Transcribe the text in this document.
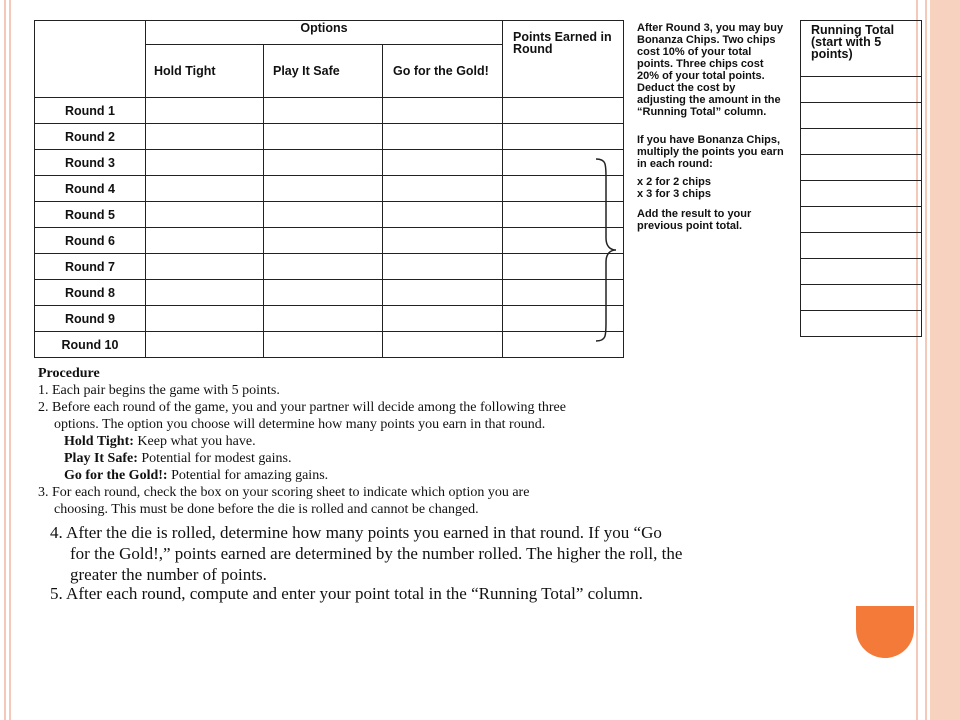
	Options			Points Earned in Round
	Hold Tight	Play It Safe	Go for the Gold!	
Round 1				
Round 2				
Round 3				
Round 4				
Round 5				
Round 6				
Round 7				
Round 8				
Round 9				
Round 10				

After Round 3, you may buy Bonanza Chips. Two chips cost 10% of your total points. Three chips cost 20% of your total points. Deduct the cost by adjusting the amount in the “Running Total” column.

If you have Bonanza Chips, multiply the points you earn in each round:

x 2 for 2 chips
x 3 for 3 chips

Add the result to your previous point total.

Running Total (start with 5 points)

Procedure
1. Each pair begins the game with 5 points.
2. Before each round of the game, you and your partner will decide among the following three
options. The option you choose will determine how many points you earn in that round.
Hold Tight: Keep what you have.
Play It Safe: Potential for modest gains.
Go for the Gold!: Potential for amazing gains.
3. For each round, check the box on your scoring sheet to indicate which option you are
choosing. This must be done before the die is rolled and cannot be changed.
4. After the die is rolled, determine how many points you earned in that round. If you “Go
for the Gold!,” points earned are determined by the number rolled. The higher the roll, the
greater the number of points.
5. After each round, compute and enter your point total in the “Running Total” column.
